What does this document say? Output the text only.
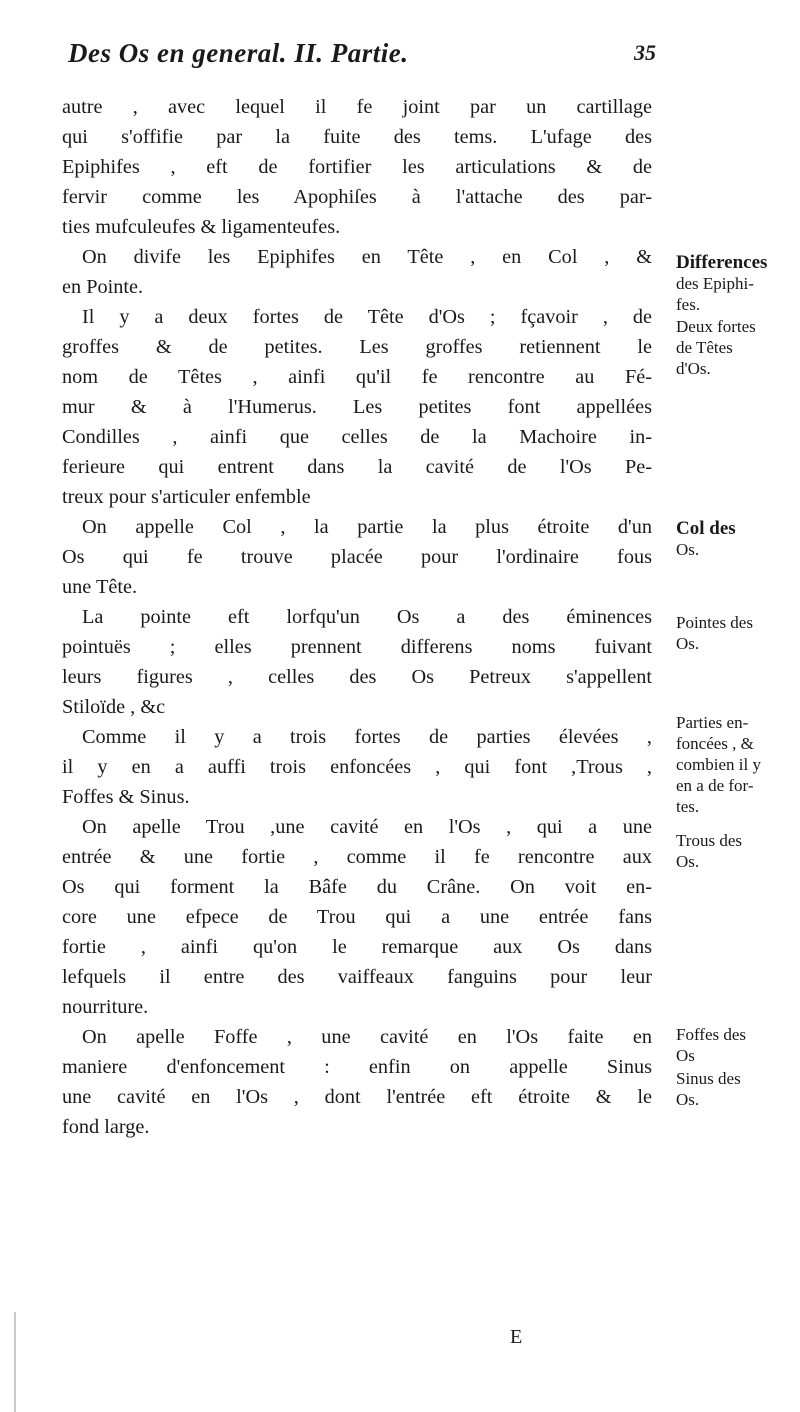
Des Os en general. II. Partie.	35
autre , avec lequel il fe joint par un cartillage
qui s'offifie par la fuite des tems. L'ufage des
Epiphifes , eft de fortifier les articulations & de
fervir comme les Apophiſes à l'attache des par-
ties mufculeufes & ligamenteufes.
On divife les Epiphifes en Tête , en Col , &
en Pointe.
Il y a deux fortes de Tête d'Os ; fçavoir , de
groffes & de petites. Les groffes retiennent le
nom de Têtes , ainfi qu'il fe rencontre au Fé-
mur & à l'Humerus. Les petites font appellées
Condilles , ainfi que celles de la Machoire in-
ferieure qui entrent dans la cavité de l'Os Pe-
treux pour s'articuler enfemble
On appelle Col , la partie la plus étroite d'un
Os qui fe trouve placée pour l'ordinaire fous
une Tête.
La pointe eft lorfqu'un Os a des éminences
pointuës ; elles prennent differens noms fuivant
leurs figures , celles des Os Petreux s'appellent
Stiloïde , &c
Comme il y a trois fortes de parties élevées ,
il y en a auffi trois enfoncées , qui font ,Trous ,
Foffes & Sinus.
On apelle Trou ,une cavité en l'Os , qui a une
entrée & une fortie , comme il fe rencontre aux
Os qui forment la Bâfe du Crâne. On voit en-
core une efpece de Trou qui a une entrée fans
fortie , ainfi qu'on le remarque aux Os dans
lefquels il entre des vaiffeaux fanguins pour leur
nourriture.
On apelle Foffe , une cavité en l'Os faite en
maniere d'enfoncement : enfin on appelle Sinus
une cavité en l'Os , dont l'entrée eft étroite & le
fond large.
Differences
des Epiphi-
fes.
Deux fortes
de Têtes
d'Os.
Col des
Os.
Pointes des
Os.
Parties en-
foncées , &
combien il y
en a de for-
tes.
Trous des
Os.
Foffes des
Os
Sinus des
Os.
E
